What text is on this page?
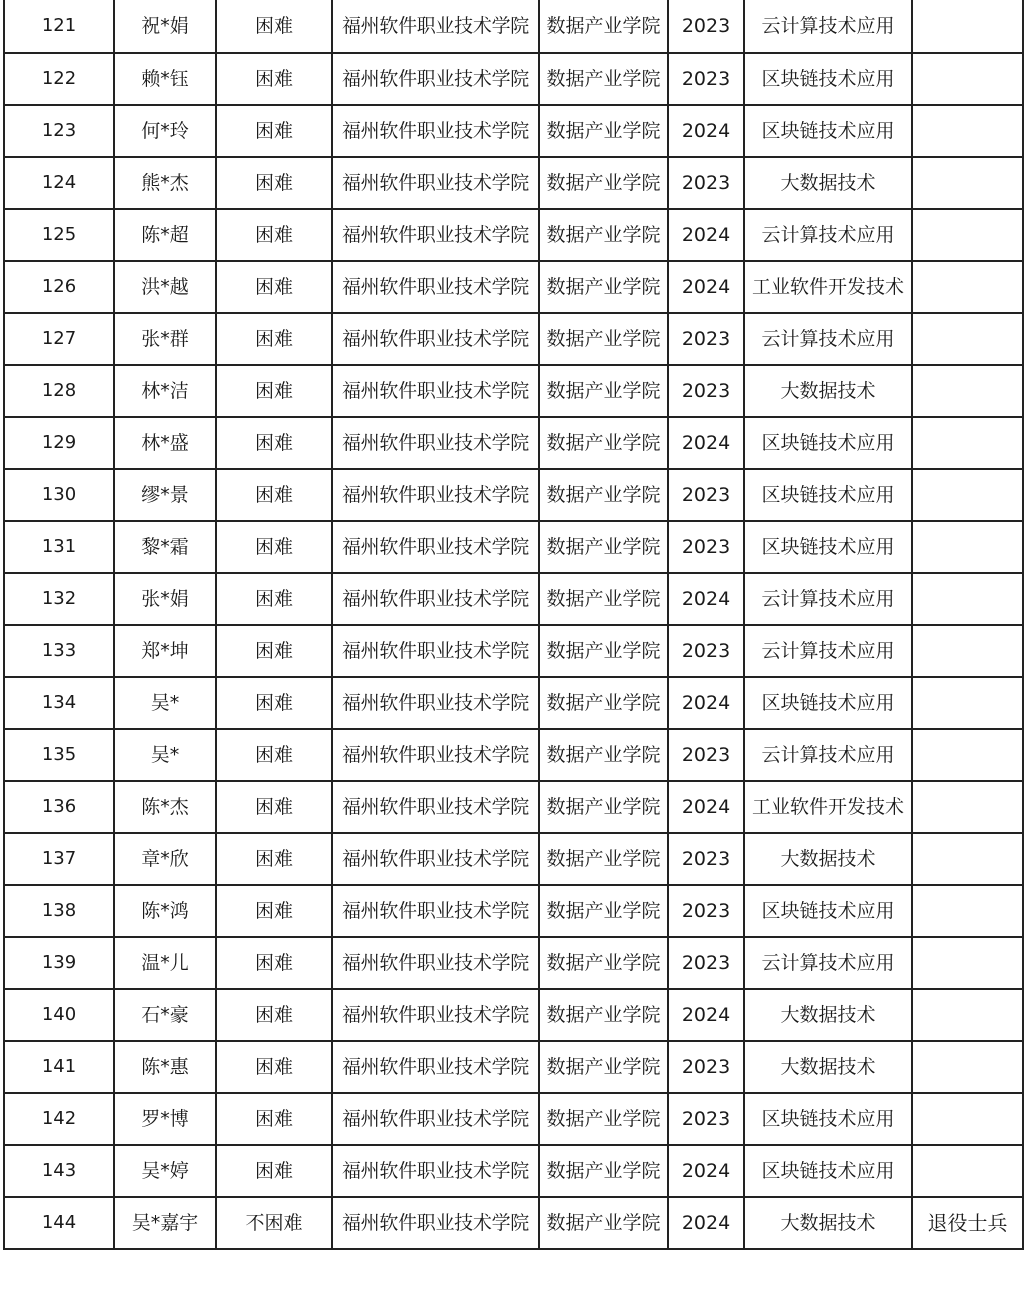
121	祝*娟	困难	福州软件职业技术学院	数据产业学院	2023	云计算技术应用	
122	赖*钰	困难	福州软件职业技术学院	数据产业学院	2023	区块链技术应用	
123	何*玲	困难	福州软件职业技术学院	数据产业学院	2024	区块链技术应用	
124	熊*杰	困难	福州软件职业技术学院	数据产业学院	2023	大数据技术	
125	陈*超	困难	福州软件职业技术学院	数据产业学院	2024	云计算技术应用	
126	洪*越	困难	福州软件职业技术学院	数据产业学院	2024	工业软件开发技术	
127	张*群	困难	福州软件职业技术学院	数据产业学院	2023	云计算技术应用	
128	林*洁	困难	福州软件职业技术学院	数据产业学院	2023	大数据技术	
129	林*盛	困难	福州软件职业技术学院	数据产业学院	2024	区块链技术应用	
130	缪*景	困难	福州软件职业技术学院	数据产业学院	2023	区块链技术应用	
131	黎*霜	困难	福州软件职业技术学院	数据产业学院	2023	区块链技术应用	
132	张*娟	困难	福州软件职业技术学院	数据产业学院	2024	云计算技术应用	
133	郑*坤	困难	福州软件职业技术学院	数据产业学院	2023	云计算技术应用	
134	吴*	困难	福州软件职业技术学院	数据产业学院	2024	区块链技术应用	
135	吴*	困难	福州软件职业技术学院	数据产业学院	2023	云计算技术应用	
136	陈*杰	困难	福州软件职业技术学院	数据产业学院	2024	工业软件开发技术	
137	章*欣	困难	福州软件职业技术学院	数据产业学院	2023	大数据技术	
138	陈*鸿	困难	福州软件职业技术学院	数据产业学院	2023	区块链技术应用	
139	温*儿	困难	福州软件职业技术学院	数据产业学院	2023	云计算技术应用	
140	石*豪	困难	福州软件职业技术学院	数据产业学院	2024	大数据技术	
141	陈*惠	困难	福州软件职业技术学院	数据产业学院	2023	大数据技术	
142	罗*博	困难	福州软件职业技术学院	数据产业学院	2023	区块链技术应用	
143	吴*婷	困难	福州软件职业技术学院	数据产业学院	2024	区块链技术应用	
144	吴*嘉宇	不困难	福州软件职业技术学院	数据产业学院	2024	大数据技术	退役士兵
